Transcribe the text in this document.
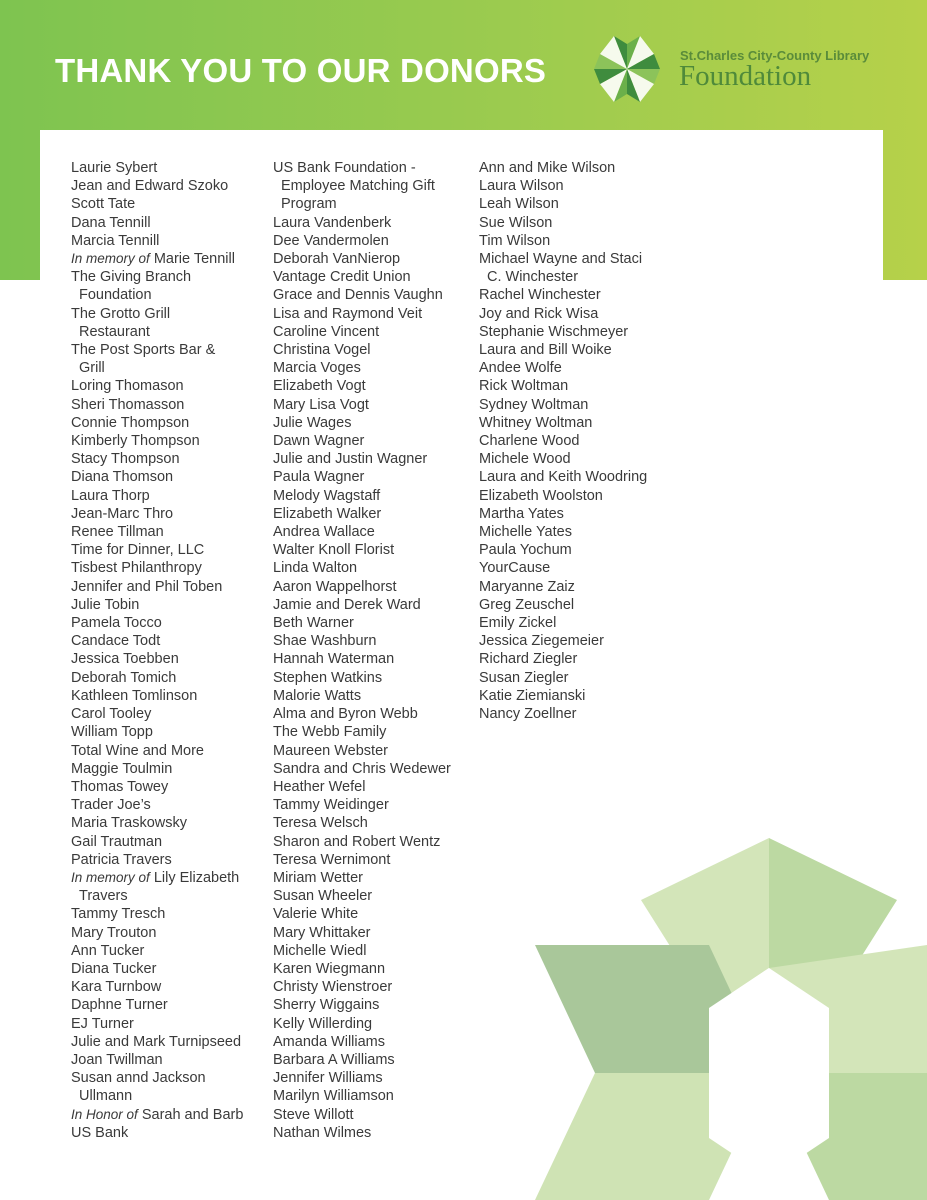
THANK YOU TO OUR DONORS	St.Charles City-County Library
Foundation
Laurie Sybert
Jean and Edward Szoko
Scott Tate
Dana Tennill
Marcia Tennill
In memory of Marie Tennill
The Giving Branch
Foundation
The Grotto Grill
Restaurant
The Post Sports Bar &
Grill
Loring Thomason
Sheri Thomasson
Connie Thompson
Kimberly Thompson
Stacy Thompson
Diana Thomson
Laura Thorp
Jean-Marc Thro
Renee Tillman
Time for Dinner, LLC
Tisbest Philanthropy
Jennifer and Phil Toben
Julie Tobin
Pamela Tocco
Candace Todt
Jessica Toebben
Deborah Tomich
Kathleen Tomlinson
Carol Tooley
William Topp
Total Wine and More
Maggie Toulmin
Thomas Towey
Trader Joe’s
Maria Traskowsky
Gail Trautman
Patricia Travers
In memory of Lily Elizabeth
Travers
Tammy Tresch
Mary Trouton
Ann Tucker
Diana Tucker
Kara Turnbow
Daphne Turner
EJ Turner
Julie and Mark Turnipseed
Joan Twillman
Susan annd Jackson
Ullmann
In Honor of Sarah and Barb
US Bank
US Bank Foundation -
Employee Matching Gift
Program
Laura Vandenberk
Dee Vandermolen
Deborah VanNierop
Vantage Credit Union
Grace and Dennis Vaughn
Lisa and Raymond Veit
Caroline Vincent
Christina Vogel
Marcia Voges
Elizabeth Vogt
Mary Lisa Vogt
Julie Wages
Dawn Wagner
Julie and Justin Wagner
Paula Wagner
Melody Wagstaff
Elizabeth Walker
Andrea Wallace
Walter Knoll Florist
Linda Walton
Aaron Wappelhorst
Jamie and Derek Ward
Beth Warner
Shae Washburn
Hannah Waterman
Stephen Watkins
Malorie Watts
Alma and Byron Webb
The Webb Family
Maureen Webster
Sandra and Chris Wedewer
Heather Wefel
Tammy Weidinger
Teresa Welsch
Sharon and Robert Wentz
Teresa Wernimont
Miriam Wetter
Susan Wheeler
Valerie White
Mary Whittaker
Michelle Wiedl
Karen Wiegmann
Christy Wienstroer
Sherry Wiggains
Kelly Willerding
Amanda Williams
Barbara A Williams
Jennifer Williams
Marilyn Williamson
Steve Willott
Nathan Wilmes
Ann and Mike Wilson
Laura Wilson
Leah Wilson
Sue Wilson
Tim Wilson
Michael Wayne and Staci
C. Winchester
Rachel Winchester
Joy and Rick Wisa
Stephanie Wischmeyer
Laura and Bill Woike
Andee Wolfe
Rick Woltman
Sydney Woltman
Whitney Woltman
Charlene Wood
Michele Wood
Laura and Keith Woodring
Elizabeth Woolston
Martha Yates
Michelle Yates
Paula Yochum
YourCause
Maryanne Zaiz
Greg Zeuschel
Emily Zickel
Jessica Ziegemeier
Richard Ziegler
Susan Ziegler
Katie Ziemianski
Nancy Zoellner
